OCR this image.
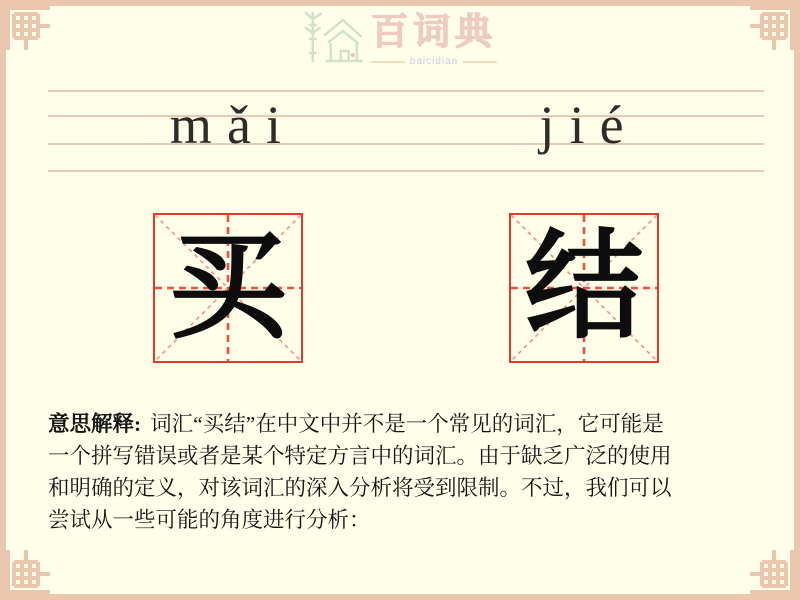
百词典
baicidian
mǎi	jié
买 结
意思解释: 词汇“买结”在中文中并不是一个常见的词汇，它可能是
一个拼写错误或者是某个特定方言中的词汇。由于缺乏广泛的使用
和明确的定义，对该词汇的深入分析将受到限制。不过，我们可以
尝试从一些可能的角度进行分析：
